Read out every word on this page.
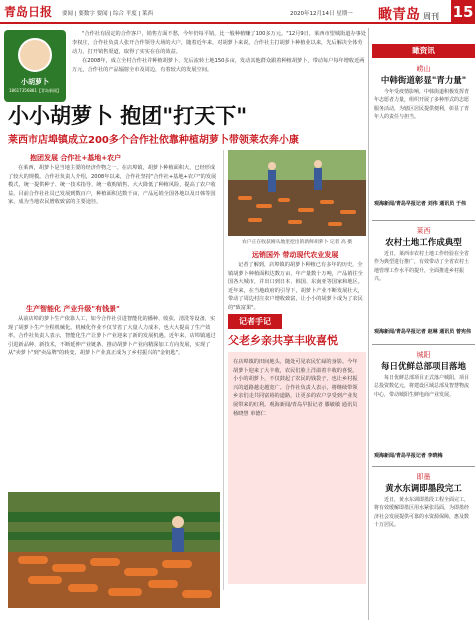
青岛日报 要闻 | 要数字 要闻 | 综合 平度 | 莱西	2020年12月14日 星期一 瞰青岛 周刊 15
小胡萝卜
18617356881【青岛新闻】

"合作社有固定的合作客户，销售方面不愁，今年仍每平销，比一般种植赚了100多万元。"12月9日，莱西市望城街道办事处李权庄，合作社负责人张开合作领导大场的大户，随着近年来，对胡萝卜来说，合作社主打胡萝卜种植业以来，先后解决全体劳动力，打开销售渠道，取得了实实在在的效益。

在2008年，成立全村合作社并种植胡萝卜，先后流转土地150多亩，发动其他群众跟着种植胡萝卜，带动每户每年增收近两万元，合作社的产品辐射全市及周边，有着较大的发展空间。

小小胡萝卜 抱团"打天下"
莱西市店埠镇成立200多个合作社依靠种植胡萝卜带领莱农奔小康
抱团发展 合作社+基地+农户
在莱西，胡萝卜是当地主要的经济作物之一。在店埠镇，胡萝卜种植面积大，已经形成了较大的规模。合作社负责人介绍，2008年以来，合作社坚持"合作社+基地+农户"的发展模式，统一提供种子、统一技术指导、统一收购销售，大大降低了种植风险，提高了农户收益。目前合作社社员已发展到数百户，种植面积达数千亩，产品远销全国各地以及日韩等国家，成为当地农民增收致富的主要途径。
生产智能化 产业升级"有钱景"
从前店埠的萝卜生产依靠人工，如今合作社引进智能化的播种、收获、清洗等设备，实现了胡萝卜生产全程机械化。机械化作业不仅节省了大量人力成本，也大大提高了生产效率。合作社负责人表示，智能化生产让萝卜产业迎来了新的发展机遇。近年来，店埠镇通过引进新品种、新技术，不断延伸产业链条，推动胡萝卜产业向精深加工方向发展，实现了从"卖萝卜"到"卖品牌"的转变，胡萝卜产业真正成为了乡村振兴的"金钥匙"。
农户正在收获刚从地里挖出的新鲜胡萝卜 记者 高 摄
远销国外 带动现代农业发展
记者了解到，店埠镇的胡萝卜种植已有多年的历史，全镇胡萝卜种植面积达数万亩，年产量数十万吨，产品销往全国各大城市，并出口到日本、韩国、东南亚等国家和地区。近年来，在当地政府的引导下，胡萝卜产业不断发展壮大，带动了周边村庄农户增收致富，让小小的胡萝卜成为了农民的"致富果"。
记者手记
父老乡亲共享丰收喜悦
在店埠镇的田间地头，随处可见农民忙碌的身影。今年胡萝卜迎来了大丰收，农民们脸上洋溢着丰收的喜悦。小小的胡萝卜，不仅鼓起了农民的钱袋子，也让乡村振兴的道路越走越宽广。合作社负责人表示，将继续带领乡亲们走共同富裕的道路，让更多的农户享受到产业发展带来的红利。观海新闻/青岛早报记者 滕敏敏 通讯员 杨晓慧 单德仁
瞰资讯
崂山
中韩街道彰显"青力量"
今年受疫情影响，中韩街道积极发挥青年志愿者力量，组织开展了多种形式的志愿服务活动，为辖区居民提供便利，彰显了青年人的责任与担当。
观海新闻/青岛早报记者 刘伟 通讯员 于伟
莱西
农村土地工作成典型
近日，莱西市农村土地工作经验在全省作为典型进行推广，有效带动了全省农村土地管理工作水平的提升，全面推进乡村振兴。
观海新闻/青岛早报记者 赵琳 通讯员 曾宪伟
城阳
每日优鲜总部项目落地
每日优鲜总部项目正式落户城阳，项目总投资数亿元，将建设区域总部及智慧物流中心，带动城阳生鲜电商产业发展。
观海新闻/青岛早报记者 李晓梅
即墨
黄水东调即墨段完工
近日，黄水东调即墨段工程全面完工，将有效缓解即墨区用水紧张局面，为即墨经济社会发展提供可靠的水资源保障，惠及数十万居民。
